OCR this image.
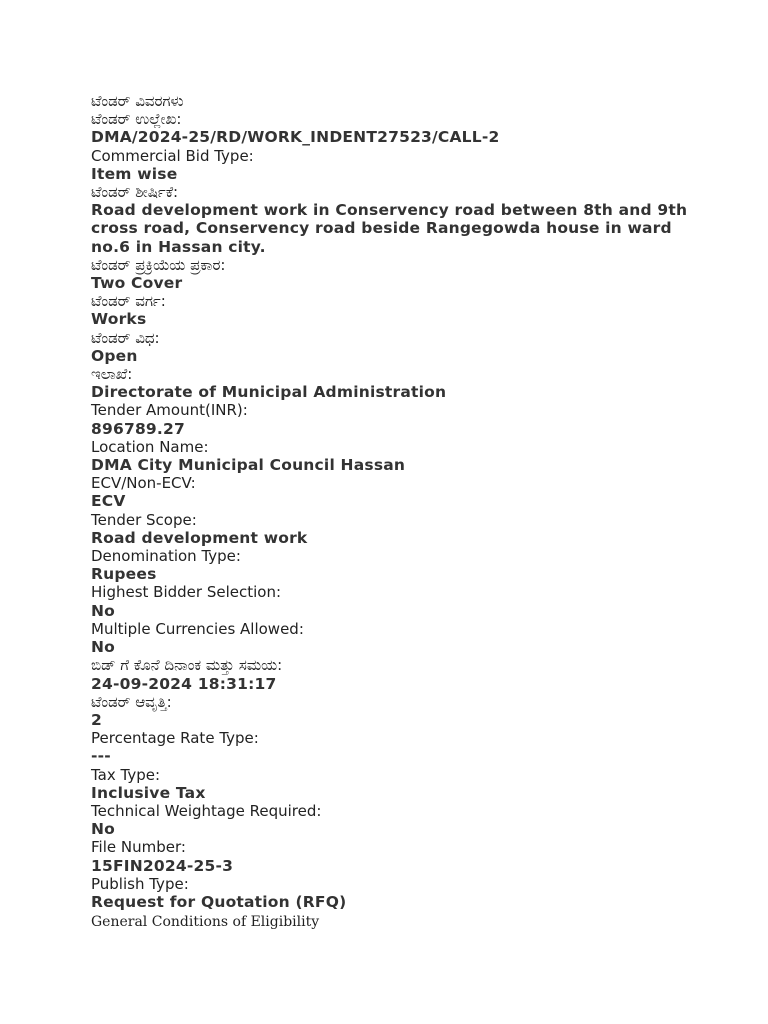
ಟೆಂಡರ್ ವಿವರಗಳು
ಟೆಂಡರ್ ಉಲ್ಲೇಖ:
DMA/2024-25/RD/WORK_INDENT27523/CALL-2
Commercial Bid Type:
Item wise
ಟೆಂಡರ್ ಶೀರ್ಷಿಕೆ:
Road development work in Conservency road between 8th and 9th cross road, Conservency road beside Rangegowda house in ward no.6 in Hassan city.
ಟೆಂಡರ್ ಪ್ರಕ್ರಿಯೆಯ ಪ್ರಕಾರ:
Two Cover
ಟೆಂಡರ್ ವರ್ಗ:
Works
ಟೆಂಡರ್ ವಿಧ:
Open
ಇಲಾಖೆ:
Directorate of Municipal Administration
Tender Amount(INR):
896789.27
Location Name:
DMA City Municipal Council Hassan
ECV/Non-ECV:
ECV
Tender Scope:
Road development work
Denomination Type:
Rupees
Highest Bidder Selection:
No
Multiple Currencies Allowed:
No
ಬಿಡ್ ಗೆ ಕೊನೆ ದಿನಾಂಕ ಮತ್ತು ಸಮಯ:
24-09-2024 18:31:17
ಟೆಂಡರ್ ಆವೃತ್ತಿ:
2
Percentage Rate Type:
---
Tax Type:
Inclusive Tax
Technical Weightage Required:
No
File Number:
15FIN2024-25-3
Publish Type:
Request for Quotation (RFQ)
General Conditions of Eligibility
